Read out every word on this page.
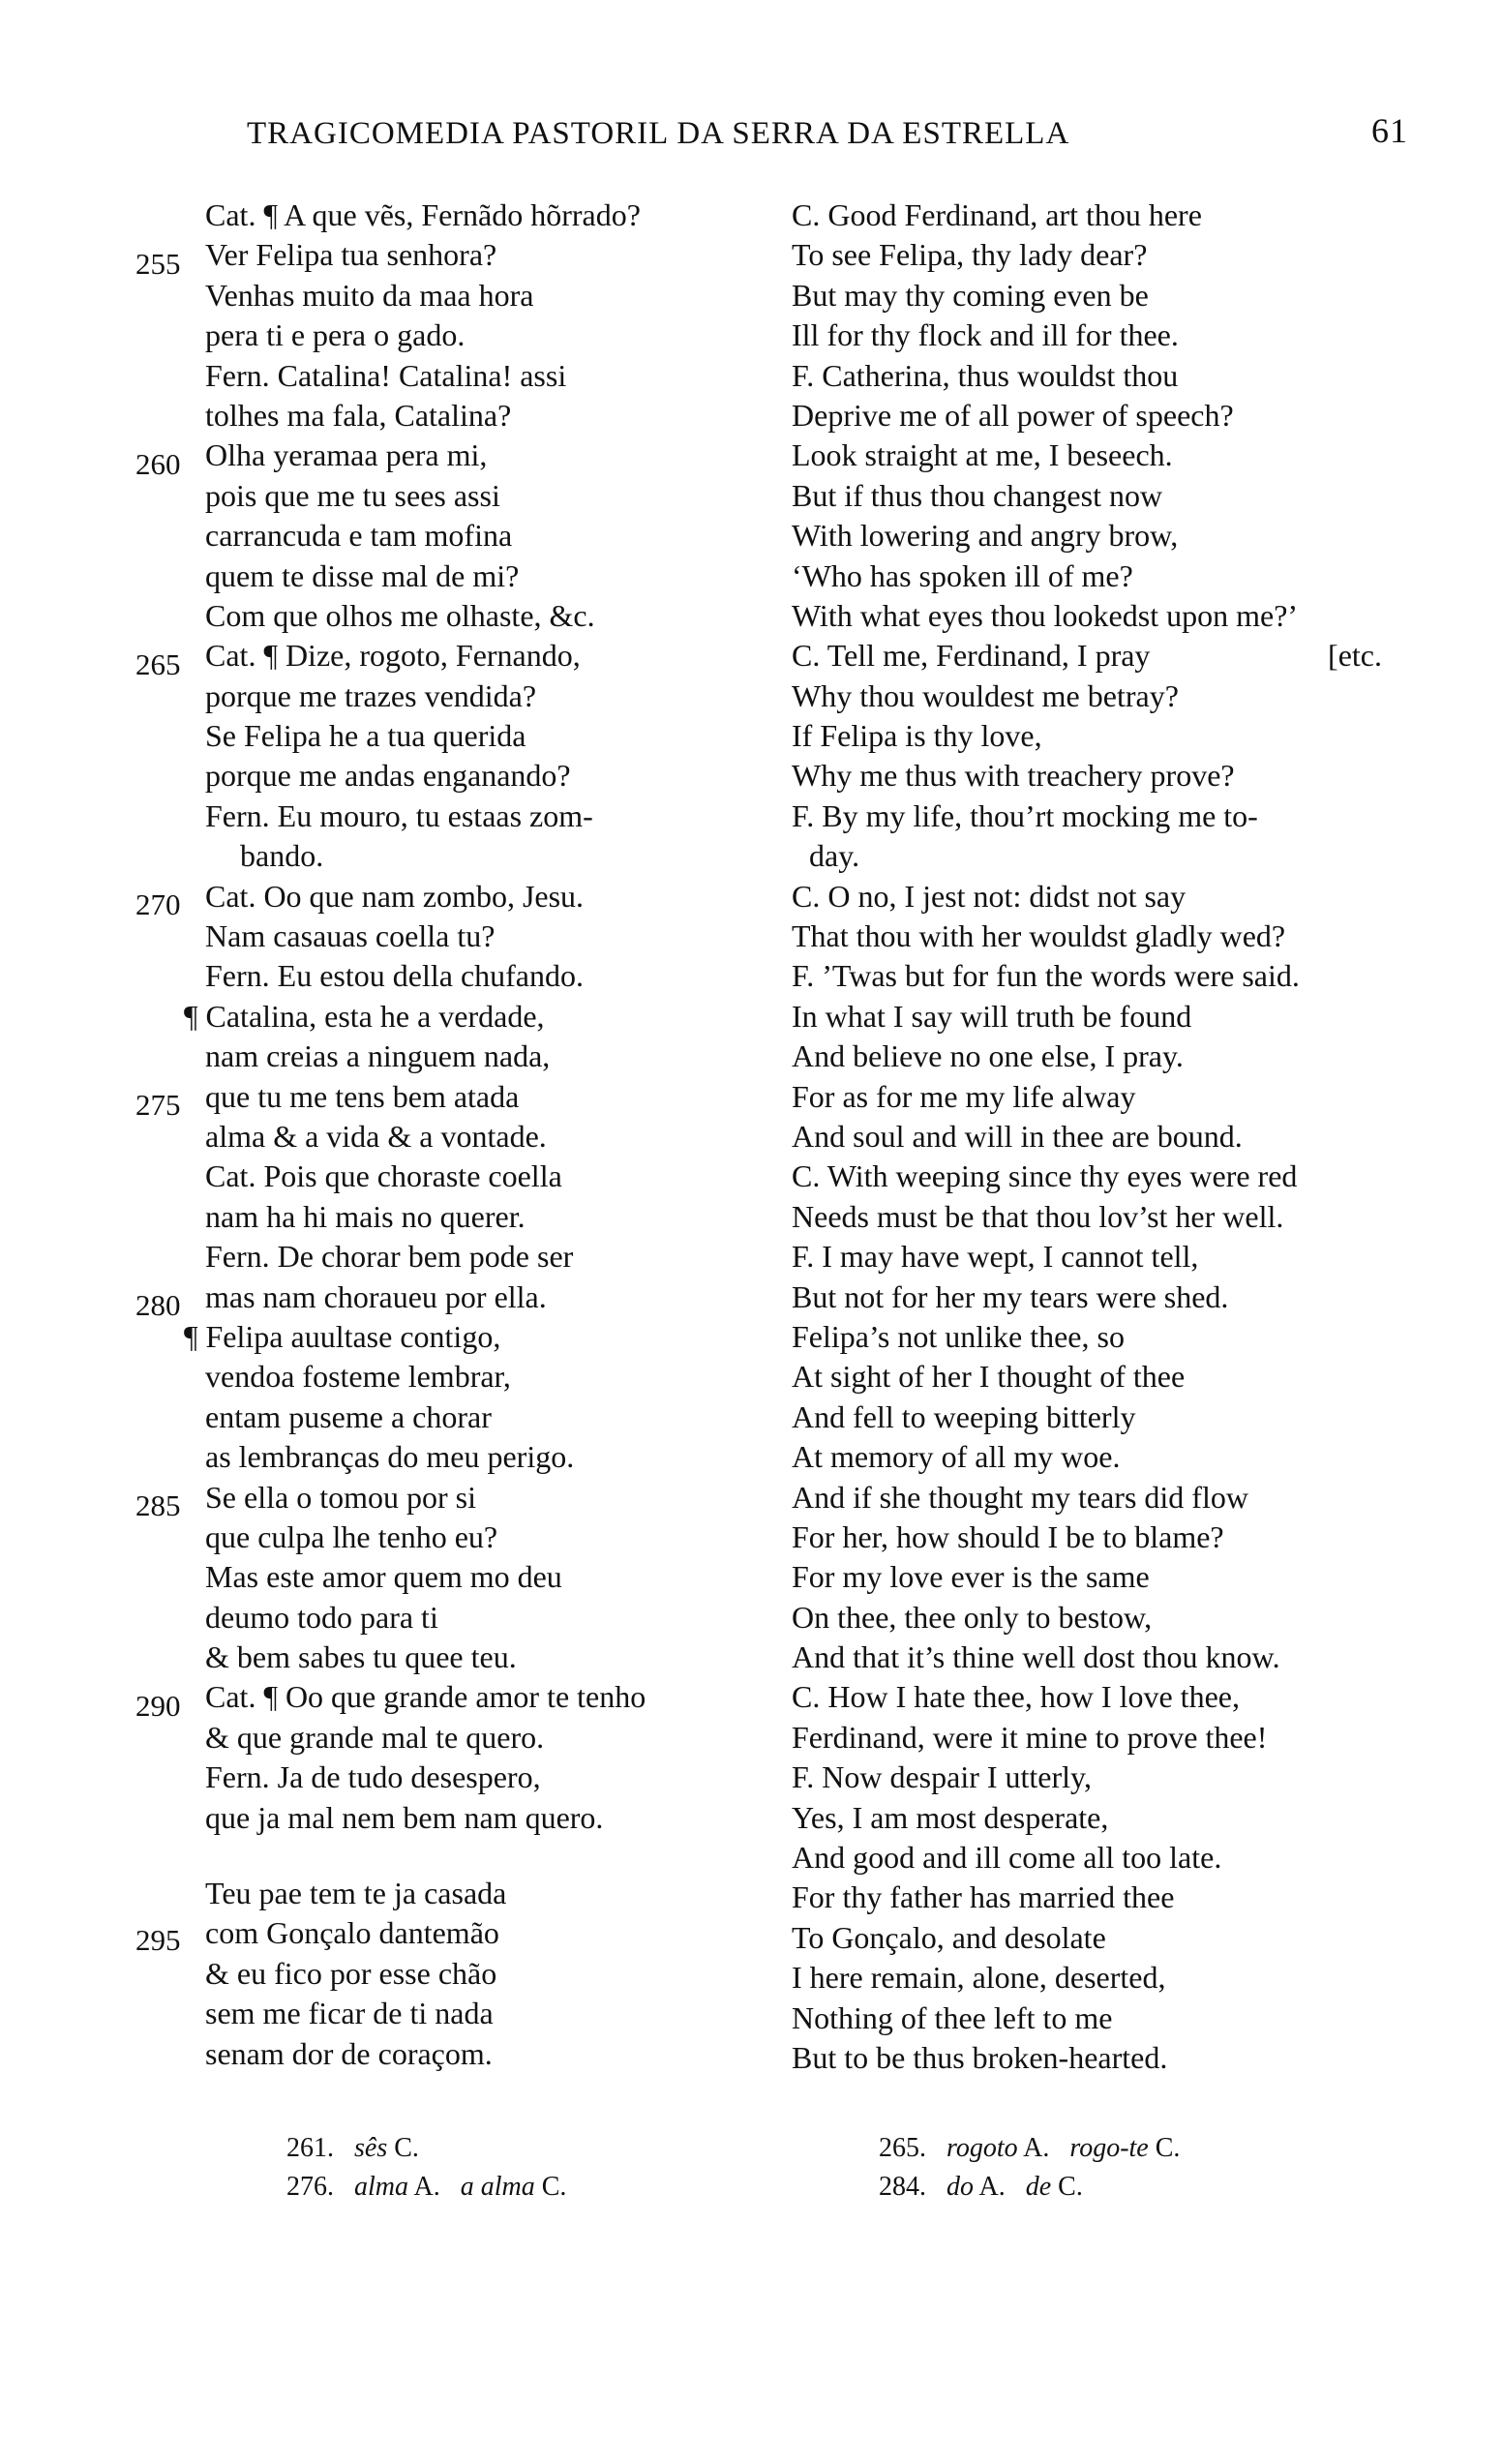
TRAGICOMEDIA PASTORIL DA SERRA DA ESTRELLA	61
255
260
265
270
275
280
285
290
295
Cat. ¶ A que vẽs, Fernãdo hõrrado?
Ver Felipa tua senhora?
Venhas muito da maa hora
pera ti e pera o gado.
Fern. Catalina! Catalina! assi
tolhes ma fala, Catalina?
Olha yeramaa pera mi,
pois que me tu sees assi
carrancuda e tam mofina
quem te disse mal de mi?
Com que olhos me olhaste, &c.
Cat. ¶ Dize, rogoto, Fernando,
porque me trazes vendida?
Se Felipa he a tua querida
porque me andas enganando?
Fern. Eu mouro, tu estaas zom-
bando.
Cat. Oo que nam zombo, Jesu.
Nam casauas coella tu?
Fern. Eu estou della chufando.
¶ Catalina, esta he a verdade,
nam creias a ninguem nada,
que tu me tens bem atada
alma & a vida & a vontade.
Cat. Pois que choraste coella
nam ha hi mais no querer.
Fern. De chorar bem pode ser
mas nam choraueu por ella.
¶ Felipa auultase contigo,
vendoa fosteme lembrar,
entam puseme a chorar
as lembranças do meu perigo.
Se ella o tomou por si
que culpa lhe tenho eu?
Mas este amor quem mo deu
deumo todo para ti
& bem sabes tu quee teu.
Cat. ¶ Oo que grande amor te tenho
& que grande mal te quero.
Fern. Ja de tudo desespero,
que ja mal nem bem nam quero.
Teu pae tem te ja casada
com Gonçalo dantemão
& eu fico por esse chão
sem me ficar de ti nada
senam dor de coraçom.
C. Good Ferdinand, art thou here
To see Felipa, thy lady dear?
But may thy coming even be
Ill for thy flock and ill for thee.
F. Catherina, thus wouldst thou
Deprive me of all power of speech?
Look straight at me, I beseech.
But if thus thou changest now
With lowering and angry brow,
‘Who has spoken ill of me?
With what eyes thou lookedst upon me?’
C. Tell me, Ferdinand, I pray	[etc.
Why thou wouldest me betray?
If Felipa is thy love,
Why me thus with treachery prove?
F. By my life, thou’rt mocking me to-
day.
C. O no, I jest not: didst not say
That thou with her wouldst gladly wed?
F. ’Twas but for fun the words were said.
In what I say will truth be found
And believe no one else, I pray.
For as for me my life alway
And soul and will in thee are bound.
C. With weeping since thy eyes were red
Needs must be that thou lov’st her well.
F. I may have wept, I cannot tell,
But not for her my tears were shed.
Felipa’s not unlike thee, so
At sight of her I thought of thee
And fell to weeping bitterly
At memory of all my woe.
And if she thought my tears did flow
For her, how should I be to blame?
For my love ever is the same
On thee, thee only to bestow,
And that it’s thine well dost thou know.
C. How I hate thee, how I love thee,
Ferdinand, were it mine to prove thee!
F. Now despair I utterly,
Yes, I am most desperate,
And good and ill come all too late.
For thy father has married thee
To Gonçalo, and desolate
I here remain, alone, deserted,
Nothing of thee left to me
But to be thus broken-hearted.
261. sês C.
276. alma A. a alma C.
265. rogoto A. rogo-te C.
284. do A. de C.
